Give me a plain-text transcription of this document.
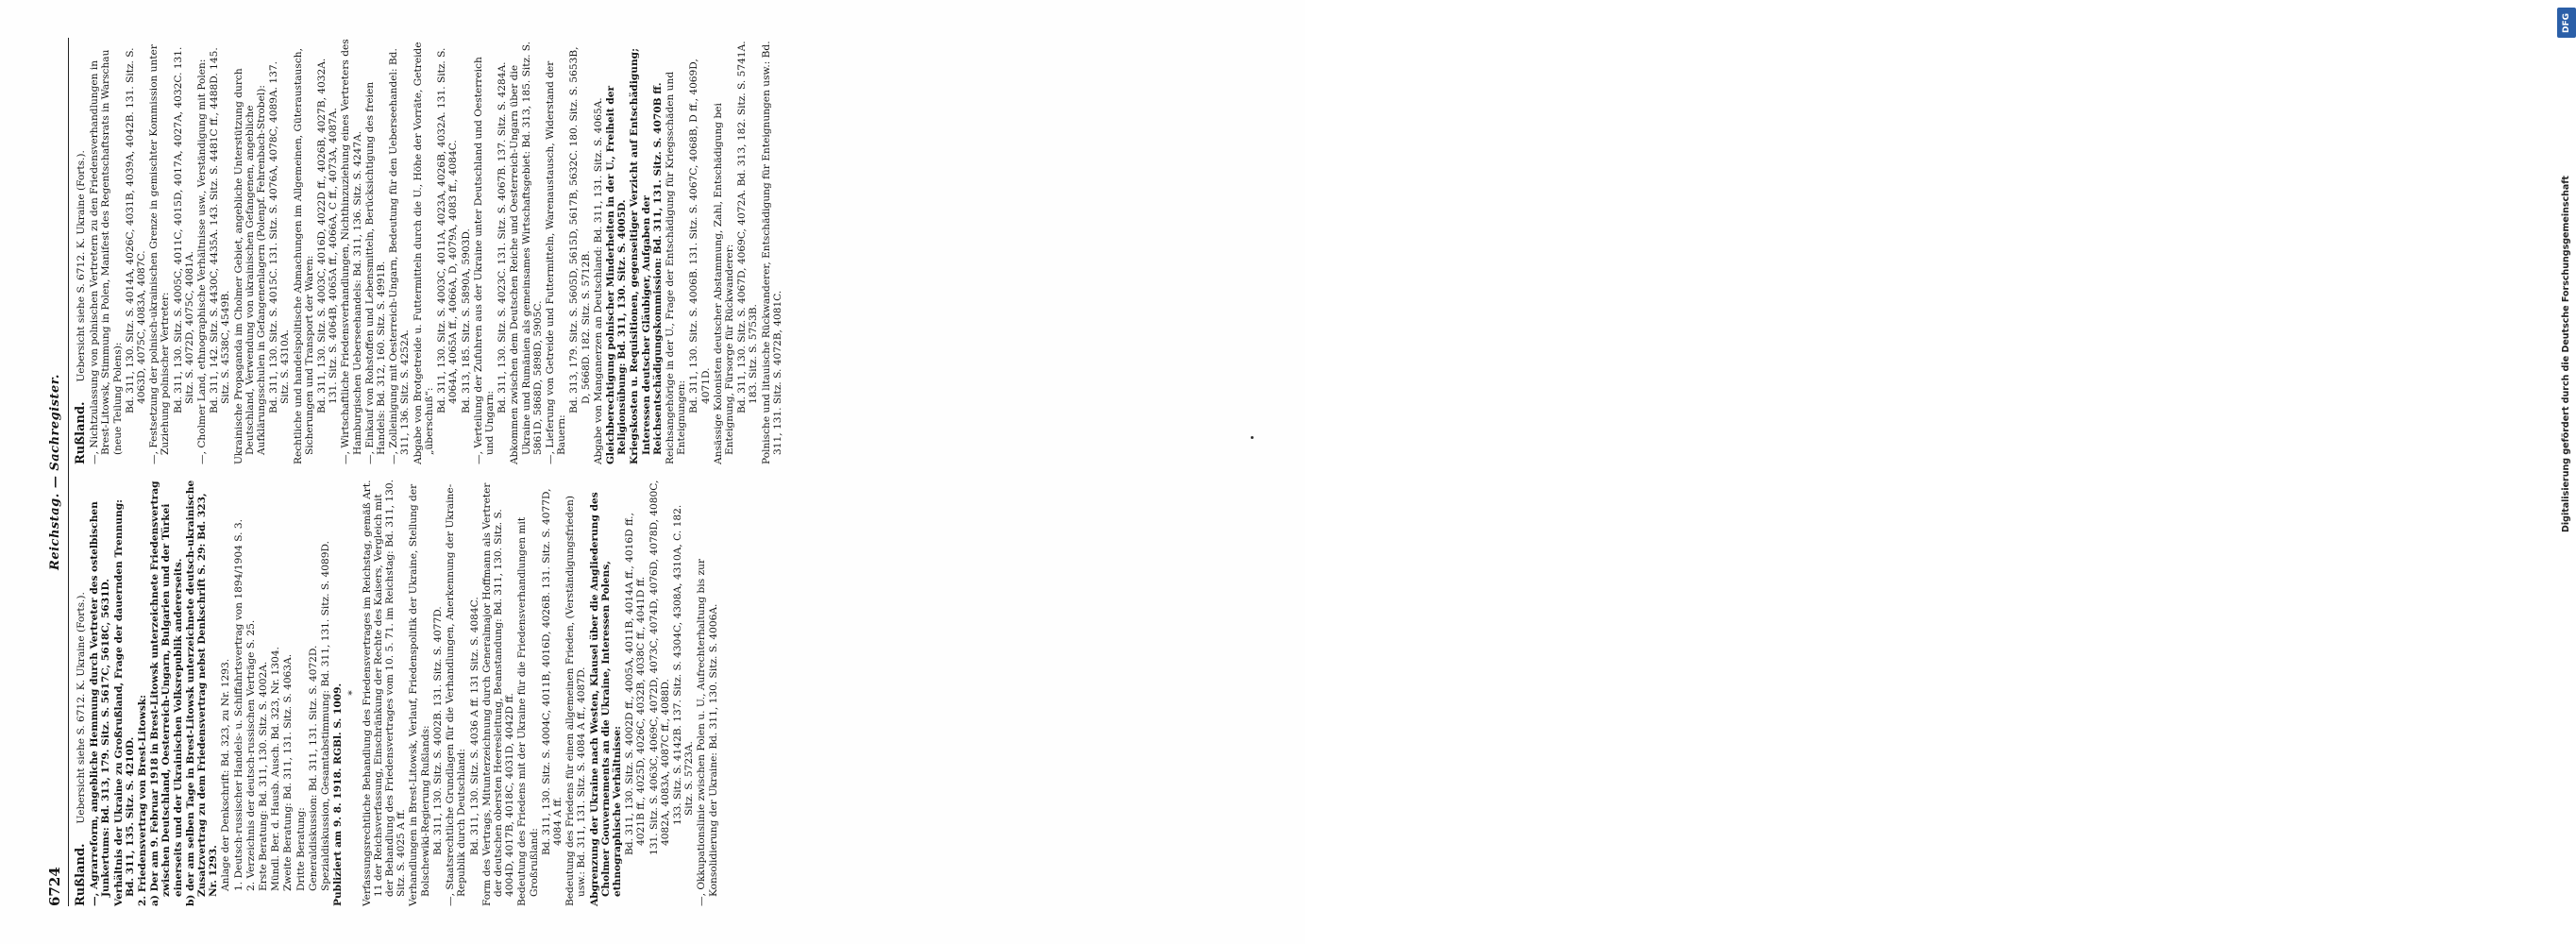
6724
Reichstag. — Sachregister.
Rußland. Uebersicht siehe S. 6712. K. Ukraine (Forts.). —, Agrarreform, angebliche Hemmung durch Vertreter des ostelbischen Junkertums: Bd. 313, 179. Sitz. S. 5617C, 5618C, 5631D. Verhältnis der Ukraine zu Großrußland, Frage der dauernden Trennung: Bd. 311, 135. Sitz. S. 4210D. 2. Friedensvertrag von Brest-Litowsk: a) Der am 9. Februar 1918 in Brest-Litowsk unterzeichnete Friedensvertrag zwischen Deutschland, Oesterreich-Ungarn, Bulgarien und der Türkei einerseits und der Ukrainischen Volksrepublik andererseits. b) der am selben Tage in Brest-Litowsk unterzeichnete deutsch-ukrainische Zusatzvertrag zu dem Friedensvertrag nebst Denkschrift S. 29: Bd. 323, Nr. 1293. Anlage der Denkschrift: Bd. 323, zu Nr. 1293. 1. Deutsch-russischer Handels- u. Schiffahrtsvertrag von 1894/1904 S. 3. 2. Verzeichnis der deutsch-russischen Verträge S. 25. Erste Beratung: Bd. 311, 130. Sitz. S. 4002A. Mündl. Ber. d. Hausb. Ausch. Bd. 323, Nr. 1304. Zweite Beratung: Bd. 311, 131. Sitz. S. 4063A. Dritte Beratung: Generaldiskussion: Bd. 311, 131. Sitz. S. 4072D. Spezialdiskussion, Gesamtabstimmung: Bd. 311, 131. Sitz. S. 4089D. Publiziert am 9. 8. 1918. RGBl. S. 1009. * Verfassungsrechtliche Behandlung des Friedensvertrages im Reichstag, gemäß Art. 11 der Reichsverfassung, Einschränkung der Rechte des Kaisers, Vergleich mit der Behandlung des Friedensvertrages vom 10. 5. 71. im Reichstag: Bd. 311, 130. Sitz. S. 4025 A ff. Verhandlungen in Brest-Litowsk, Verlauf, Friedenspolitik der Ukraine, Stellung der Bolschewiki-Regierung Rußlands: Bd. 311, 130. Sitz. S. 4002B. 131. Sitz. S. 4077D. —, Staatsrechtliche Grundlagen für die Verhandlungen, Anerkennung der Ukraine-Republik durch Deutschland: Bd. 311, 130. Sitz. S. 4036 A ff. 131 Sitz. S. 4084C. Form des Vertrags, Mitunterzeichnung durch Generalmajor Hoffmann als Vertreter der deutschen obersten Heeresleitung, Beanstandung: Bd. 311, 130. Sitz. S. 4004D, 4017B, 4018C, 4031D, 4042D ff. Bedeutung des Friedens mit der Ukraine für die Friedensverhandlungen mit Großrußland:
Bd. 311, 130. Sitz. S. 4004C, 4011B, 4016D, 4026B. 131. Sitz. S. 4077D, 4084 A ff. Bedeutung des Friedens für einen allgemeinen Frieden, (Verständigungsfrieden) usw.: Bd. 311, 131. Sitz. S. 4084 A ff., 4087D. Abgrenzung der Ukraine nach Westen, Klausel über die Angliederung des Cholmer Gouvernements an die Ukraine, Interessen Polens, ethnographische Verhältnisse: Bd. 311, 130. Sitz. S. 4002D ff., 4005A, 4011B, 4014A ff., 4016D ff., 4021B ff., 4025D, 4026C, 4032B, 4038C ff., 4041D ff. 131. Sitz. S. 4063C, 4069C, 4072D, 4073C, 4074D, 4076D, 4078D, 4080C, 4082A, 4083A, 4087C ff., 4088D. 133. Sitz. S. 4142B. 137. Sitz. S. 4304C, 4308A, 4310A, C. 182. Sitz. S. 5723A. —, Okkupationslinie zwischen Polen u. U., Aufrechterhaltung bis zur Konsolidierung der Ukraine: Bd. 311, 130. Sitz. S. 4006A.
Rußland. Uebersicht siehe S. 6712. K. Ukraine (Forts.). —, Nichtzulassung von polnischen Vertretern zu den Friedensverhandlungen in Brest-Litowsk, Stimmung in Polen, Manifest des Regentschaftsrats in Warschau (neue Teilung Polens): Bd. 311, 130. Sitz. S. 4014A, 4026C, 4031B, 4039A, 4042B. 131. Sitz. S. 4063D, 4075C, 4083A, 4087C. —, Festsetzung der polnisch-ukrainischen Grenze in gemischter Kommission unter Zuziehung polnischer Vertreter: Bd. 311, 130. Sitz. S. 4005C, 4011C, 4015D, 4017A, 4027A, 4032C. 131. Sitz. S. 4072D, 4075C, 4081A. —, Cholmer Land, ethnographische Verhältnisse usw., Verständigung mit Polen: Bd. 311, 142. Sitz. S. 4430C, 4435A. 143. Sitz. S. 4481C ff., 4488D. 145. Sitz. S. 4538C, 4549B. Ukrainische Propaganda im Cholmer Gebiet, angebliche Unterstützung durch Deutschland, Verwendung von ukrainischen Gefangenen, angebliche Aufklärungsschulen in Gefangenenlagern (Polenpf. Fehrenbach-Strobel): Bd. 311, 130. Sitz. S. 4015C. 131. Sitz. S. 4076A, 4078C, 4089A. 137. Sitz. S. 4310A. Rechtliche und handelspolitische Abmachungen im Allgemeinen, Güteraustausch, Sicherungen und Transport der Waren: Bd. 311, 130. Sitz. S. 4003C, 4016D, 4022D ff., 4026B, 4027B, 4032A. 131. Sitz. S. 4064B, 4065A ff., 4066A, C ff., 4073A, 4087A. —, Wirtschaftliche Friedensverhandlungen, Nichthinzuziehung eines Vertreters des Hamburgischen Ueberseehandels: Bd. 311, 136. Sitz. S. 4247A. —, Einkauf von Rohstoffen und Lebensmitteln, Berücksichtigung des freien Handels: Bd. 312, 160. Sitz. S. 4991B. —, Zolleinigung mit Oesterreich-Ungarn, Bedeutung für den Ueberseehandel: Bd. 311, 136. Sitz. S. 4252A. Abgabe von Brotgetreide u. Futtermitteln durch die U., Höhe der Vorräte, Getreide „überschuß“:
Bd. 311, 130. Sitz. S. 4003C, 4011A, 4023A, 4026B, 4032A. 131. Sitz. S. 4064A, 4065A ff., 4066A, D, 4079A, 4083 ff., 4084C. Bd. 313, 185. Sitz. S. 5890A, 5903D. —, Verteilung der Zufuhren aus der Ukraine unter Deutschland und Oesterreich und Ungarn:
Bd. 311, 130. Sitz. S. 4023C. 131. Sitz. S. 4067B. 137. Sitz. S. 4284A. Abkommen zwischen dem Deutschen Reiche und Oesterreich-Ungarn über die Ukraine und Rumänien als gemeinsames Wirtschaftsgebiet: Bd. 313, 185. Sitz. S. 5861D, 5868D, 5898D, 5905C. —, Lieferung von Getreide und Futtermitteln, Warenaustausch, Widerstand der Bauern:
Bd. 313, 179. Sitz. S. 5605D, 5615D, 5617B, 5632C. 180. Sitz. S. 5653B, D, 5668D. 182. Sitz. S. 5712B. Abgabe von Manganerzen an Deutschland: Bd. 311, 131. Sitz. S. 4065A. Gleichberechtigung polnischer Minderheiten in der U., Freiheit der Religionsübung: Bd. 311, 130. Sitz. S. 4005D. Kriegskosten u. Requisitionen, gegenseitiger Verzicht auf Entschädigung; Interessen deutscher Gläubiger, Aufgaben der Reichsentschädigungskommission: Bd. 311, 131. Sitz. S. 4070B ff. Reichsangehörige in der U., Frage der Entschädigung für Kriegsschäden und Enteignungen:
Bd. 311, 130. Sitz. S. 4006B. 131. Sitz. S. 4067C, 4068B, D ff., 4069D, 4071D. Ansässige Kolonisten deutscher Abstammung, Zahl, Entschädigung bei Enteignung, Fürsorge für Rückwanderer: Bd. 311, 130. Sitz. S. 4067D, 4069C, 4072A. Bd. 313, 182. Sitz. S. 5741A. 183. Sitz. S. 5753B. Polnische und litauische Rückwanderer, Entschädigung für Enteignungen usw.: Bd. 311, 131. Sitz. S. 4072B, 4081C.
DFG
Digitalisierung gefördert durch die Deutsche Forschungsgemeinschaft
